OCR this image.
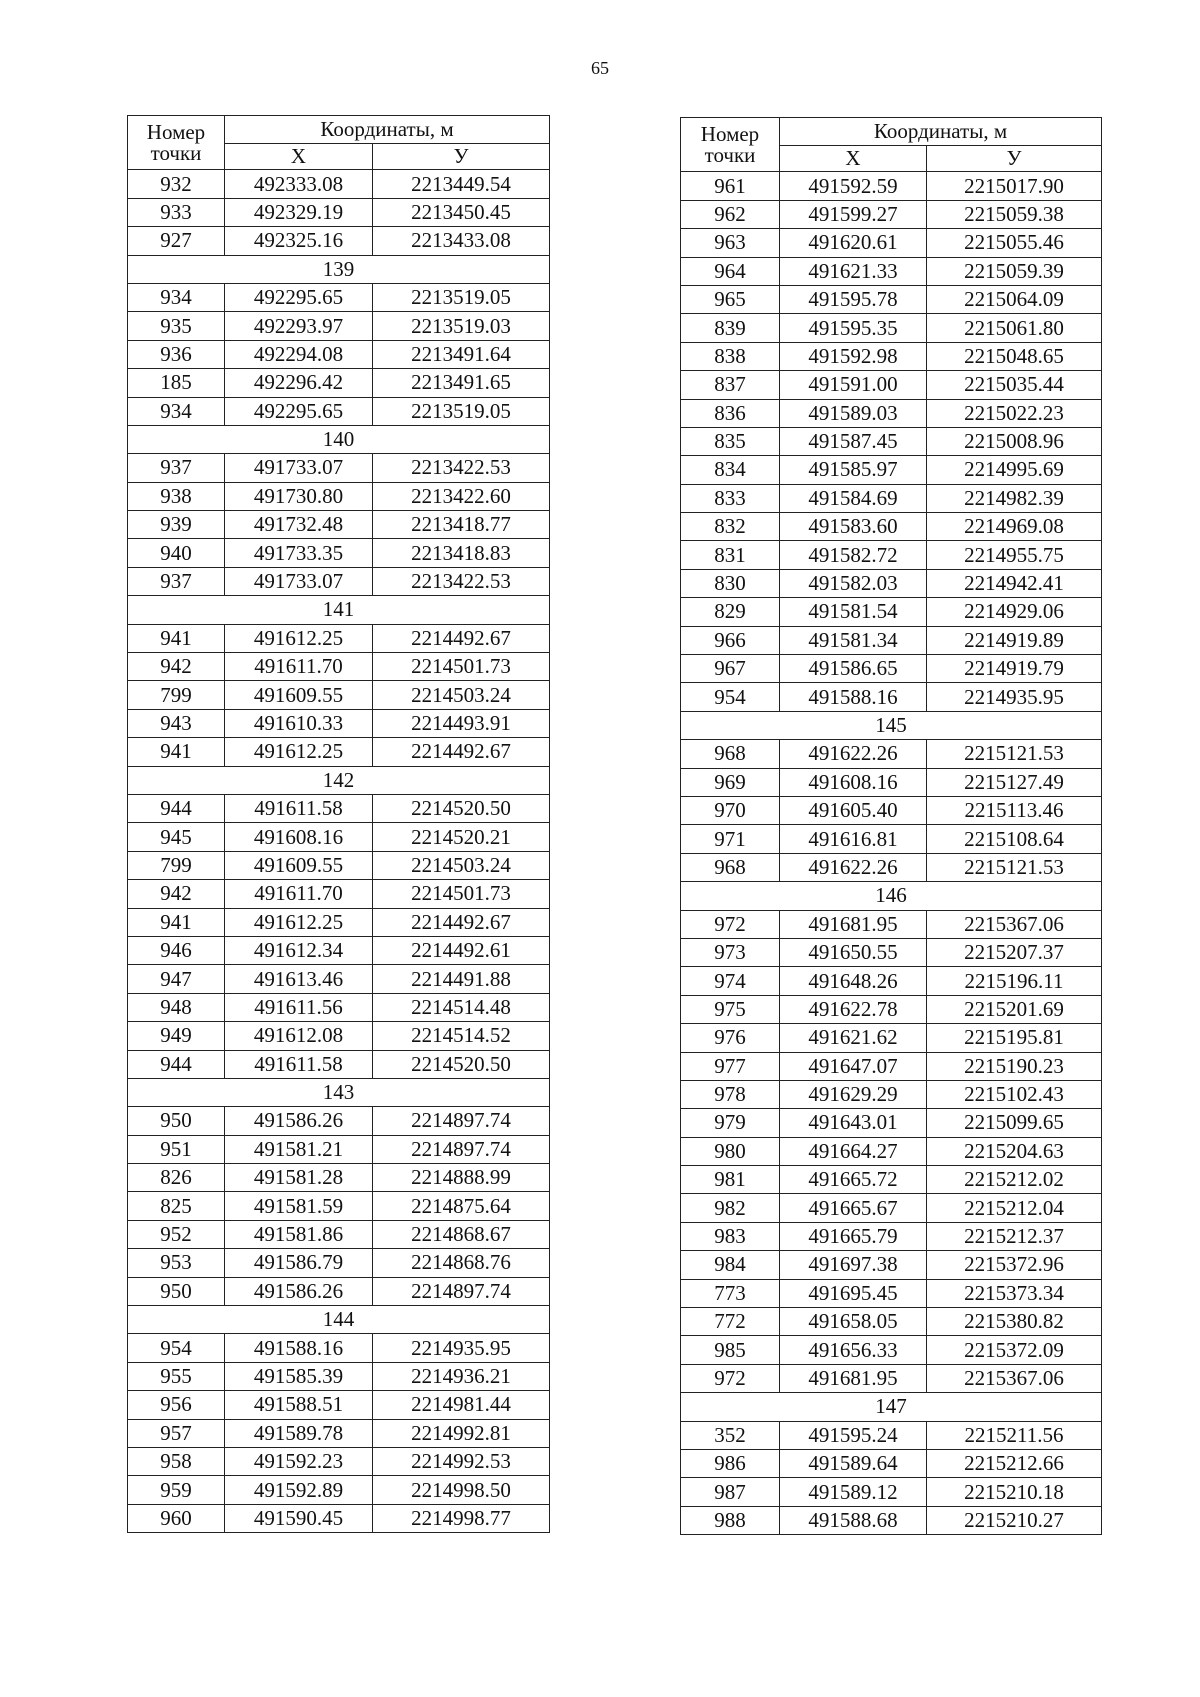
65
Номер
точки	Координаты, м	
	X	У
932	492333.08	2213449.54
933	492329.19	2213450.45
927	492325.16	2213433.08
139		
934	492295.65	2213519.05
935	492293.97	2213519.03
936	492294.08	2213491.64
185	492296.42	2213491.65
934	492295.65	2213519.05
140		
937	491733.07	2213422.53
938	491730.80	2213422.60
939	491732.48	2213418.77
940	491733.35	2213418.83
937	491733.07	2213422.53
141		
941	491612.25	2214492.67
942	491611.70	2214501.73
799	491609.55	2214503.24
943	491610.33	2214493.91
941	491612.25	2214492.67
142		
944	491611.58	2214520.50
945	491608.16	2214520.21
799	491609.55	2214503.24
942	491611.70	2214501.73
941	491612.25	2214492.67
946	491612.34	2214492.61
947	491613.46	2214491.88
948	491611.56	2214514.48
949	491612.08	2214514.52
944	491611.58	2214520.50
143		
950	491586.26	2214897.74
951	491581.21	2214897.74
826	491581.28	2214888.99
825	491581.59	2214875.64
952	491581.86	2214868.67
953	491586.79	2214868.76
950	491586.26	2214897.74
144		
954	491588.16	2214935.95
955	491585.39	2214936.21
956	491588.51	2214981.44
957	491589.78	2214992.81
958	491592.23	2214992.53
959	491592.89	2214998.50
960	491590.45	2214998.77
Номер
точки	Координаты, м	
	X	У
961	491592.59	2215017.90
962	491599.27	2215059.38
963	491620.61	2215055.46
964	491621.33	2215059.39
965	491595.78	2215064.09
839	491595.35	2215061.80
838	491592.98	2215048.65
837	491591.00	2215035.44
836	491589.03	2215022.23
835	491587.45	2215008.96
834	491585.97	2214995.69
833	491584.69	2214982.39
832	491583.60	2214969.08
831	491582.72	2214955.75
830	491582.03	2214942.41
829	491581.54	2214929.06
966	491581.34	2214919.89
967	491586.65	2214919.79
954	491588.16	2214935.95
145		
968	491622.26	2215121.53
969	491608.16	2215127.49
970	491605.40	2215113.46
971	491616.81	2215108.64
968	491622.26	2215121.53
146		
972	491681.95	2215367.06
973	491650.55	2215207.37
974	491648.26	2215196.11
975	491622.78	2215201.69
976	491621.62	2215195.81
977	491647.07	2215190.23
978	491629.29	2215102.43
979	491643.01	2215099.65
980	491664.27	2215204.63
981	491665.72	2215212.02
982	491665.67	2215212.04
983	491665.79	2215212.37
984	491697.38	2215372.96
773	491695.45	2215373.34
772	491658.05	2215380.82
985	491656.33	2215372.09
972	491681.95	2215367.06
147		
352	491595.24	2215211.56
986	491589.64	2215212.66
987	491589.12	2215210.18
988	491588.68	2215210.27
